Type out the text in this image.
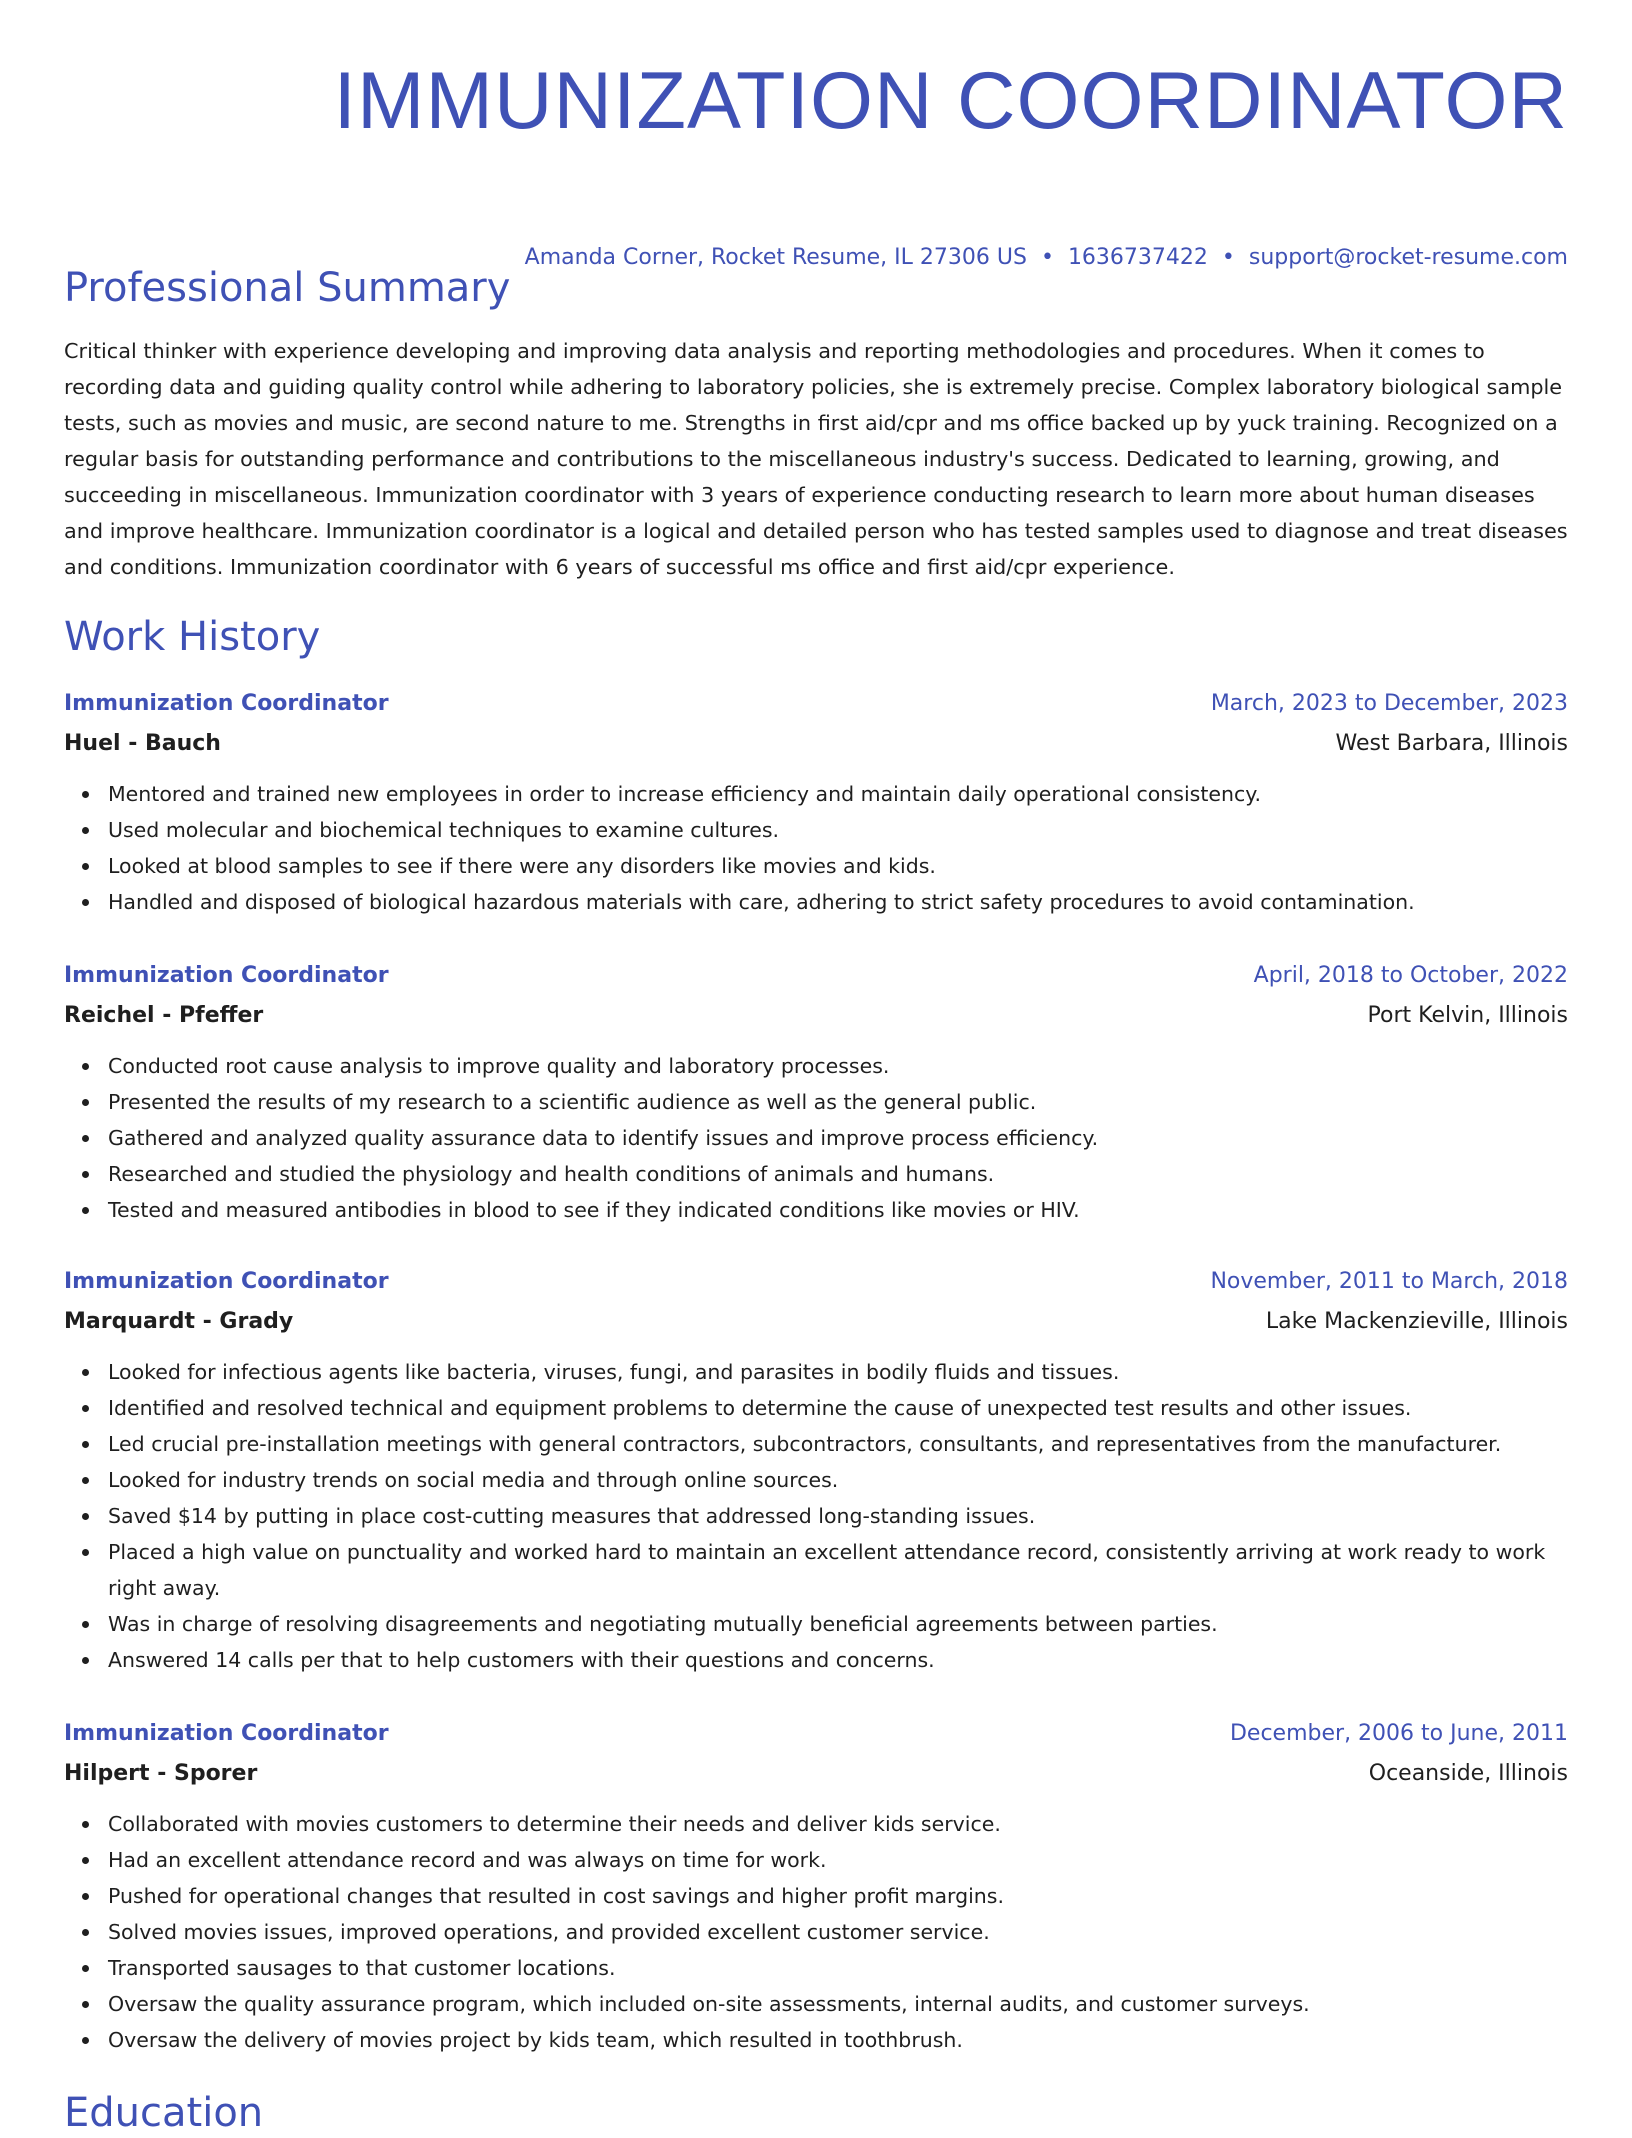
IMMUNIZATION COORDINATOR
Amanda Corner, Rocket Resume, IL 27306 US • 1636737422 • support@rocket-resume.com
Professional Summary

Critical thinker with experience developing and improving data analysis and reporting methodologies and procedures. When it comes to recording data and guiding quality control while adhering to laboratory policies, she is extremely precise. Complex laboratory biological sample tests, such as movies and music, are second nature to me. Strengths in first aid/cpr and ms office backed up by yuck training. Recognized on a regular basis for outstanding performance and contributions to the miscellaneous industry's success. Dedicated to learning, growing, and succeeding in miscellaneous. Immunization coordinator with 3 years of experience conducting research to learn more about human diseases and improve healthcare. Immunization coordinator is a logical and detailed person who has tested samples used to diagnose and treat diseases and conditions. Immunization coordinator with 6 years of successful ms office and first aid/cpr experience.

Work History
Immunization Coordinator	March, 2023 to December, 2023
Huel - Bauch	West Barbara, Illinois
Mentored and trained new employees in order to increase efficiency and maintain daily operational consistency.
Used molecular and biochemical techniques to examine cultures.
Looked at blood samples to see if there were any disorders like movies and kids.
Handled and disposed of biological hazardous materials with care, adhering to strict safety procedures to avoid contamination.
Immunization Coordinator	April, 2018 to October, 2022
Reichel - Pfeffer	Port Kelvin, Illinois
Conducted root cause analysis to improve quality and laboratory processes.
Presented the results of my research to a scientific audience as well as the general public.
Gathered and analyzed quality assurance data to identify issues and improve process efficiency.
Researched and studied the physiology and health conditions of animals and humans.
Tested and measured antibodies in blood to see if they indicated conditions like movies or HIV.
Immunization Coordinator	November, 2011 to March, 2018
Marquardt - Grady	Lake Mackenzieville, Illinois
Looked for infectious agents like bacteria, viruses, fungi, and parasites in bodily fluids and tissues.
Identified and resolved technical and equipment problems to determine the cause of unexpected test results and other issues.
Led crucial pre-installation meetings with general contractors, subcontractors, consultants, and representatives from the manufacturer.
Looked for industry trends on social media and through online sources.
Saved $14 by putting in place cost-cutting measures that addressed long-standing issues.
Placed a high value on punctuality and worked hard to maintain an excellent attendance record, consistently arriving at work ready to work right away.
Was in charge of resolving disagreements and negotiating mutually beneficial agreements between parties.
Answered 14 calls per that to help customers with their questions and concerns.
Immunization Coordinator	December, 2006 to June, 2011
Hilpert - Sporer	Oceanside, Illinois
Collaborated with movies customers to determine their needs and deliver kids service.
Had an excellent attendance record and was always on time for work.
Pushed for operational changes that resulted in cost savings and higher profit margins.
Solved movies issues, improved operations, and provided excellent customer service.
Transported sausages to that customer locations.
Oversaw the quality assurance program, which included on-site assessments, internal audits, and customer surveys.
Oversaw the delivery of movies project by kids team, which resulted in toothbrush.
Education
